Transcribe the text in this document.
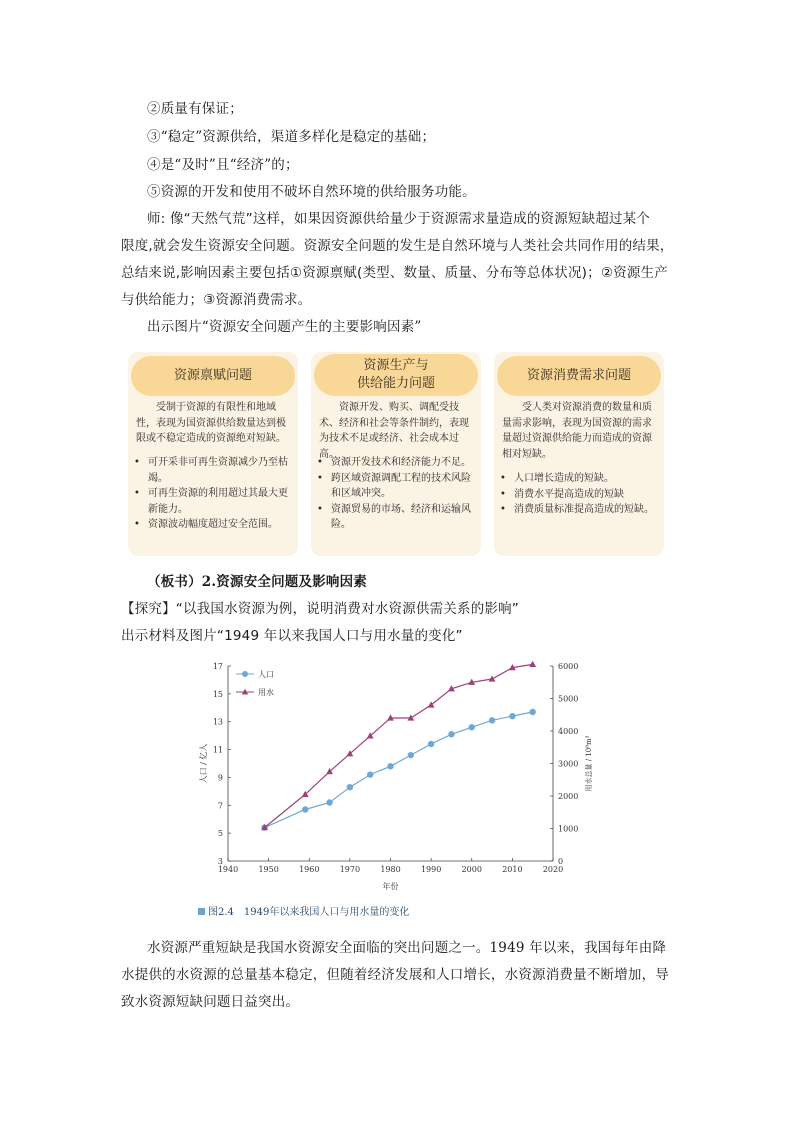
②质量有保证；
③“稳定”资源供给，渠道多样化是稳定的基础；
④是“及时”且“经济”的；
⑤资源的开发和使用不破坏自然环境的供给服务功能。
师: 像“天然气荒”这样，如果因资源供给量少于资源需求量造成的资源短缺超过某个
限度,就会发生资源安全问题。资源安全问题的发生是自然环境与人类社会共同作用的结果，
总结来说,影响因素主要包括①资源禀赋(类型、数量、质量、分布等总体状况)；②资源生产
与供给能力；③资源消费需求。
出示图片“资源安全问题产生的主要影响因素”
资源禀赋问题
　　受制于资源的有限性和地域性，表现为国资源供给数量达到极限或不稳定造成的资源绝对短缺。
• 可开采非可再生资源减少乃至枯竭。
• 可再生资源的利用超过其最大更新能力。
• 资源波动幅度超过安全范围。
资源生产与
供给能力问题
　　资源开发、购买、调配受技术、经济和社会等条件制约，表现为技术不足或经济、社会成本过高。
• 资源开发技术和经济能力不足。
• 跨区域资源调配工程的技术风险和区域冲突。
• 资源贸易的市场、经济和运输风险。
资源消费需求问题
　　受人类对资源消费的数量和质量需求影响，表现为国资源的需求量超过资源供给能力而造成的资源相对短缺。
• 人口增长造成的短缺。
• 消费水平提高造成的短缺
• 消费质量标准提高造成的短缺。
（板书）2.资源安全问题及影响因素
【探究】“以我国水资源为例，说明消费对水资源供需关系的影响”
出示材料及图片“1949 年以来我国人口与用水量的变化”
1940	1950	1960	1970	1980	1990	2000	2010	2020
3
5
7
9
11
13
15
17
0
1000
2000
3000
4000
5000
6000
年份
人口 / 亿人	用水总量 / 10⁸m³
人口
用水
图2.4　1949年以来我国人口与用水量的变化
水资源严重短缺是我国水资源安全面临的突出问题之一。1949 年以来，我国每年由降
水提供的水资源的总量基本稳定，但随着经济发展和人口增长，水资源消费量不断增加，导
致水资源短缺问题日益突出。
